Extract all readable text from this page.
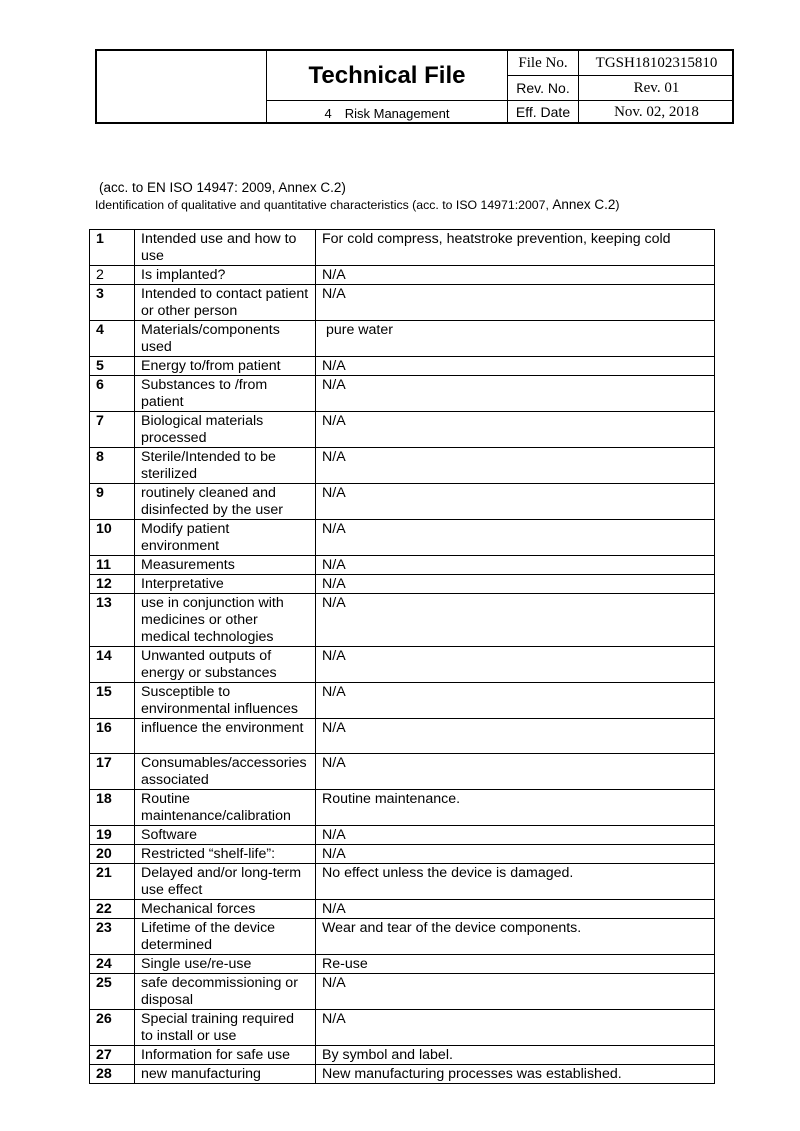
Technical File
4　Risk Management
File No.	TGSH18102315810
Rev. No.	Rev. 01
Eff. Date	Nov. 02, 2018
(acc. to EN ISO 14947: 2009, Annex C.2)
Identification of qualitative and quantitative characteristics (acc. to ISO 14971:2007, Annex C.2)
1	Intended use and how to use	For cold compress, heatstroke prevention, keeping cold
2	Is implanted?	N/A
3	Intended to contact patient or other person	N/A
4	Materials/components used	pure water
5	Energy to/from patient	N/A
6	Substances to /from patient	N/A
7	Biological materials processed	N/A
8	Sterile/Intended to be sterilized	N/A
9	routinely cleaned and disinfected by the user	N/A
10	Modify patient environment	N/A
11	Measurements	N/A
12	Interpretative	N/A
13	use in conjunction with medicines or other medical technologies	N/A
14	Unwanted outputs of energy or substances	N/A
15	Susceptible to environmental influences	N/A
16	influence the environment	N/A
17	Consumables/accessories associated	N/A
18	Routine maintenance/calibration	Routine maintenance.
19	Software	N/A
20	Restricted “shelf-life”:	N/A
21	Delayed and/or long-term use effect	No effect unless the device is damaged.
22	Mechanical forces	N/A
23	Lifetime of the device determined	Wear and tear of the device components.
24	Single use/re-use	Re-use
25	safe decommissioning or disposal	N/A
26	Special training required to install or use	N/A
27	Information for safe use	By symbol and label.
28	new manufacturing	New manufacturing processes was established.
